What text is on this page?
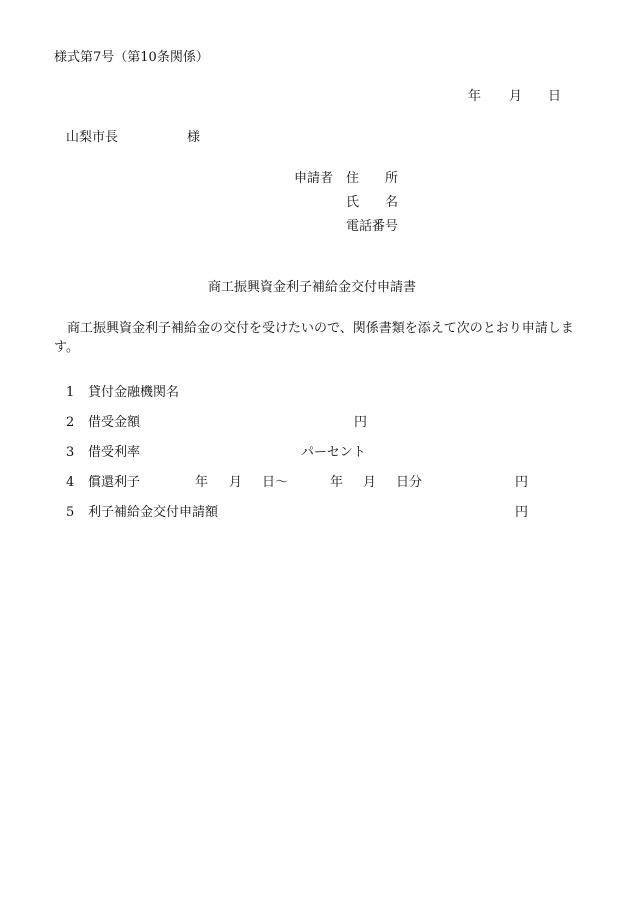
様式第7号（第10条関係）
年 月 日
山梨市長	様
申請者 住　　所
氏　　名
電話番号
商工振興資金利子補給金交付申請書
商工振興資金利子補給金の交付を受けたいので、関係書類を添えて次のとおり申請します。
1 貸付金融機関名
2 借受金額	円
3 借受利率	パーセント
4 償還利子	年 月 日〜	年 月 日分	円
5 利子補給金交付申請額	円
